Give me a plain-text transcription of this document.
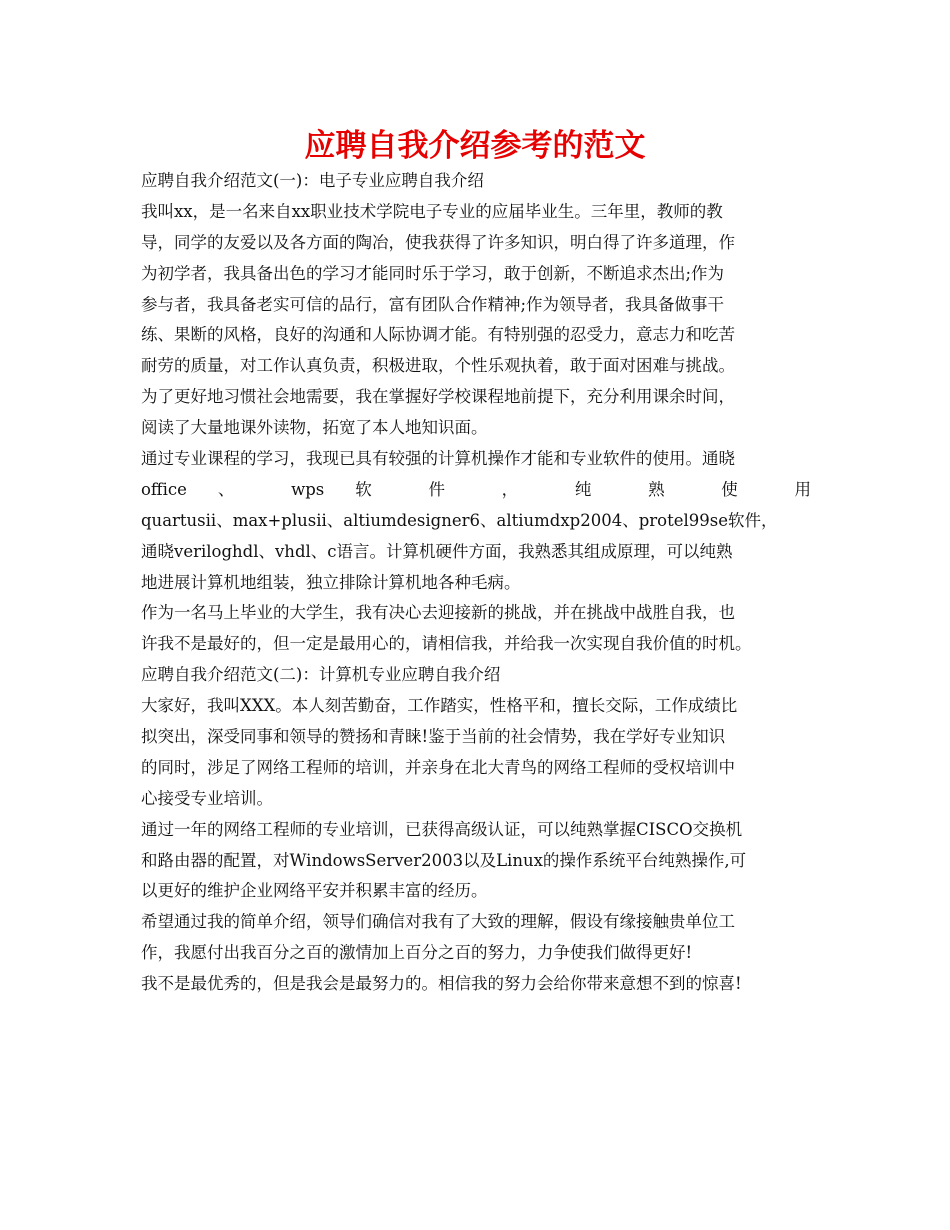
应聘自我介绍参考的范文

应聘自我介绍范文(一)：电子专业应聘自我介绍

我叫xx，是一名来自xx职业技术学院电子专业的应届毕业生。三年里，教师的教

导，同学的友爱以及各方面的陶冶，使我获得了许多知识，明白得了许多道理，作

为初学者，我具备出色的学习才能同时乐于学习，敢于创新，不断追求杰出;作为

参与者，我具备老实可信的品行，富有团队合作精神;作为领导者，我具备做事干

练、果断的风格，良好的沟通和人际协调才能。有特别强的忍受力，意志力和吃苦

耐劳的质量，对工作认真负责，积极进取，个性乐观执着，敢于面对困难与挑战。

为了更好地习惯社会地需要，我在掌握好学校课程地前提下，充分利用课余时间，

阅读了大量地课外读物，拓宽了本人地知识面。

通过专业课程的学习，我现已具有较强的计算机操作才能和专业软件的使用。通晓

office 、 wps 软 件 ， 纯 熟 使 用

quartusii、max+plusii、altiumdesigner6、altiumdxp2004、protel99se软件，

通晓veriloghdl、vhdl、c语言。计算机硬件方面，我熟悉其组成原理，可以纯熟

地进展计算机地组装，独立排除计算机地各种毛病。

作为一名马上毕业的大学生，我有决心去迎接新的挑战，并在挑战中战胜自我，也

许我不是最好的，但一定是最用心的，请相信我，并给我一次实现自我价值的时机。

应聘自我介绍范文(二)：计算机专业应聘自我介绍

大家好，我叫XXX。本人刻苦勤奋，工作踏实，性格平和，擅长交际，工作成绩比

拟突出，深受同事和领导的赞扬和青睐!鉴于当前的社会情势，我在学好专业知识

的同时，涉足了网络工程师的培训，并亲身在北大青鸟的网络工程师的受权培训中

心接受专业培训。

通过一年的网络工程师的专业培训，已获得高级认证，可以纯熟掌握CISCO交换机

和路由器的配置，对WindowsServer2003以及Linux的操作系统平台纯熟操作,可

以更好的维护企业网络平安并积累丰富的经历。

希望通过我的简单介绍，领导们确信对我有了大致的理解，假设有缘接触贵单位工

作，我愿付出我百分之百的激情加上百分之百的努力，力争使我们做得更好!

我不是最优秀的，但是我会是最努力的。相信我的努力会给你带来意想不到的惊喜!
